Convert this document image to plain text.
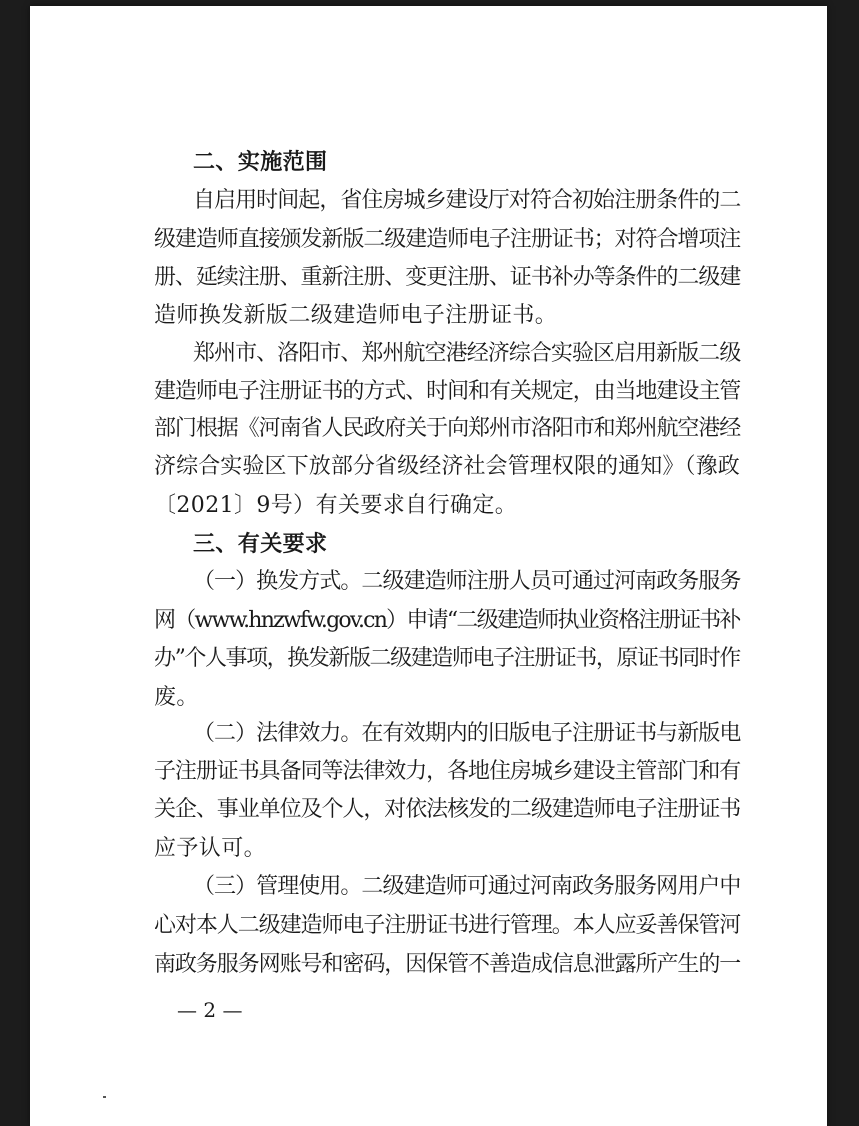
二、实施范围
自启用时间起，省住房城乡建设厅对符合初始注册条件的二
级建造师直接颁发新版二级建造师电子注册证书；对符合增项注
册、延续注册、重新注册、变更注册、证书补办等条件的二级建
造师换发新版二级建造师电子注册证书。
郑州市、洛阳市、郑州航空港经济综合实验区启用新版二级
建造师电子注册证书的方式、时间和有关规定，由当地建设主管
部门根据《河南省人民政府关于向郑州市洛阳市和郑州航空港经
济综合实验区下放部分省级经济社会管理权限的通知》（豫政
〔2021〕9号）有关要求自行确定。
三、有关要求
（一）换发方式。二级建造师注册人员可通过河南政务服务
网（www.hnzwfw.gov.cn）申请“二级建造师执业资格注册证书补
办”个人事项，换发新版二级建造师电子注册证书，原证书同时作
废。
（二）法律效力。在有效期内的旧版电子注册证书与新版电
子注册证书具备同等法律效力，各地住房城乡建设主管部门和有
关企、事业单位及个人，对依法核发的二级建造师电子注册证书
应予认可。
（三）管理使用。二级建造师可通过河南政务服务网用户中
心对本人二级建造师电子注册证书进行管理。本人应妥善保管河
南政务服务网账号和密码，因保管不善造成信息泄露所产生的一
— 2 —
